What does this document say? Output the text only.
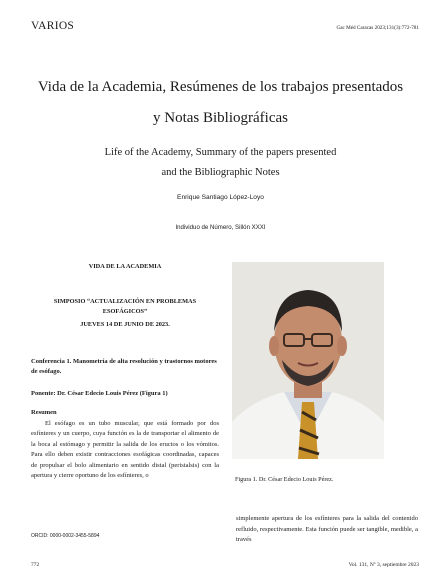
VARIOS	Gac Méd Caracas 2023;131(3):772-781
Vida de la Academia, Resúmenes de los trabajos presentados
y Notas Bibliográficas
Life of the Academy, Summary of the papers presented
and the Bibliographic Notes
Enrique Santiago López-Loyo
Individuo de Número, Sillón XXXI
VIDA DE LA ACADEMIA
SIMPOSIO “ACTUALIZACIÓN EN PROBLEMAS
ESOFÁGICOS”
JUEVES 14 DE JUNIO DE 2023.
Conferencia 1. Manometría de alta resolución y trastornos motores de esófago.
Ponente: Dr. César Edecio Louis Pérez (Figura 1)
Resumen
El esófago es un tubo muscular, que está formado por dos esfínteres y un cuerpo, cuya función es la de transportar el alimento de la boca al estómago y permitir la salida de los eructos o los vómitos. Para ello deben existir contracciones esofágicas coordinadas, capaces de propulsar el bolo alimentario en sentido distal (peristalsis) con la apertura y cierre oportuno de los esfínteres, o
ORCID: 0000-0002-3455-5894
Figura 1. Dr. César Edecio Louis Pérez.
simplemente apertura de los esfínteres para la salida del contenido refluido, respectivamente. Esta función puede ser tangible, medible, a través
772	Vol. 131, Nº 3, septiembre 2023
